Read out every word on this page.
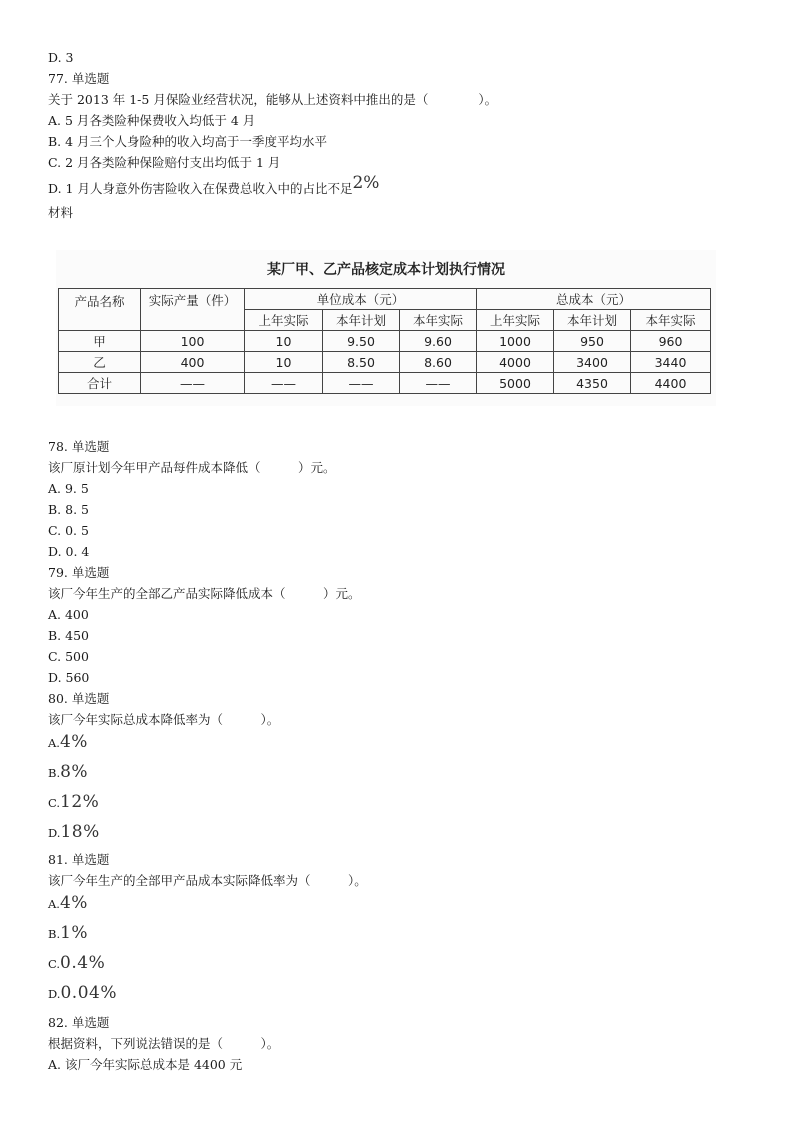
D. 3
77. 单选题
关于 2013 年 1-5 月保险业经营状况，能够从上述资料中推出的是（　　　　）。
A. 5 月各类险种保费收入均低于 4 月
B. 4 月三个人身险种的收入均高于一季度平均水平
C. 2 月各类险种保险赔付支出均低于 1 月
D. 1 月人身意外伤害险收入在保费总收入中的占比不足2%
材料
某厂甲、乙产品核定成本计划执行情况
产品名称	实际产量（件）	单位成本（元）			总成本（元）		
		上年实际	本年计划	本年实际	上年实际	本年计划	本年实际
甲	100	10	9.50	9.60	1000	950	960
乙	400	10	8.50	8.60	4000	3400	3440
合计	——	——	——	——	5000	4350	4400
78. 单选题
该厂原计划今年甲产品每件成本降低（　　　）元。
A. 9. 5
B. 8. 5
C. 0. 5
D. 0. 4
79. 单选题
该厂今年生产的全部乙产品实际降低成本（　　　）元。
A. 400
B. 450
C. 500
D. 560
80. 单选题
该厂今年实际总成本降低率为（　　　）。
A.4%
B.8%
C.12%
D.18%
81. 单选题
该厂今年生产的全部甲产品成本实际降低率为（　　　）。
A.4%
B.1%
C.0.4%
D.0.04%
82. 单选题
根据资料，下列说法错误的是（　　　）。
A. 该厂今年实际总成本是 4400 元
